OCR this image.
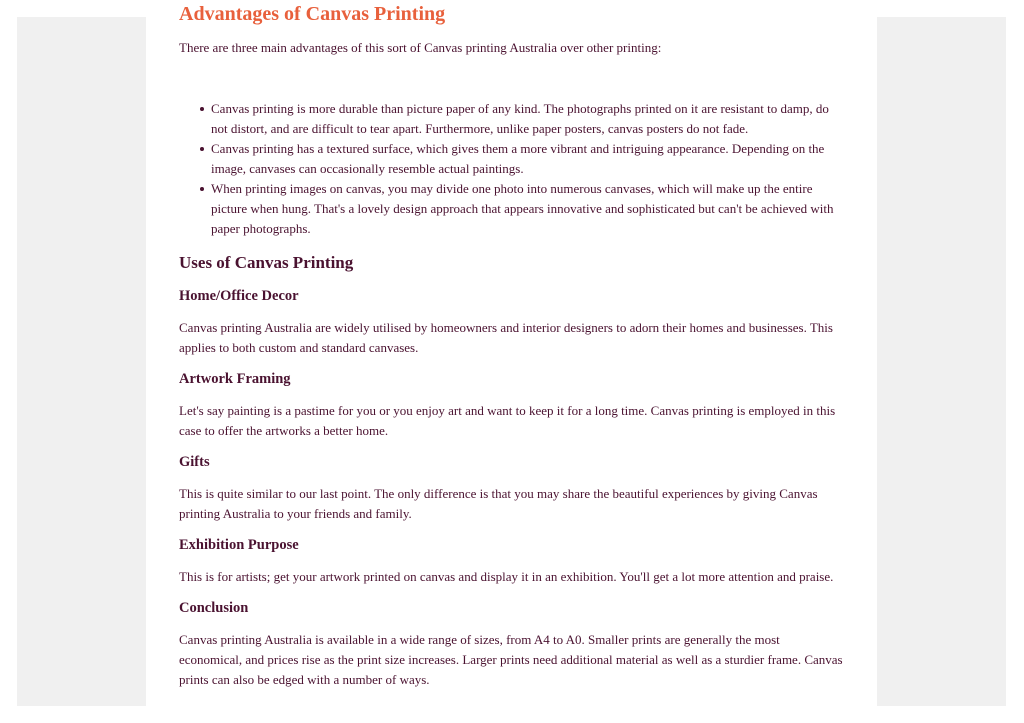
Advantages of Canvas Printing

There are three main advantages of this sort of Canvas printing Australia over other printing:

Canvas printing is more durable than picture paper of any kind. The photographs printed on it are resistant to damp, do not distort, and are difficult to tear apart. Furthermore, unlike paper posters, canvas posters do not fade.
Canvas printing has a textured surface, which gives them a more vibrant and intriguing appearance. Depending on the image, canvases can occasionally resemble actual paintings.
When printing images on canvas, you may divide one photo into numerous canvases, which will make up the entire picture when hung. That's a lovely design approach that appears innovative and sophisticated but can't be achieved with paper photographs.
Uses of Canvas Printing
Home/Office Decor

Canvas printing Australia are widely utilised by homeowners and interior designers to adorn their homes and businesses. This applies to both custom and standard canvases.

Artwork Framing

Let's say painting is a pastime for you or you enjoy art and want to keep it for a long time. Canvas printing is employed in this case to offer the artworks a better home.

Gifts

This is quite similar to our last point. The only difference is that you may share the beautiful experiences by giving Canvas printing Australia to your friends and family.

Exhibition Purpose

This is for artists; get your artwork printed on canvas and display it in an exhibition. You'll get a lot more attention and praise.

Conclusion

Canvas printing Australia is available in a wide range of sizes, from A4 to A0. Smaller prints are generally the most economical, and prices rise as the print size increases. Larger prints need additional material as well as a sturdier frame. Canvas prints can also be edged with a number of ways.
